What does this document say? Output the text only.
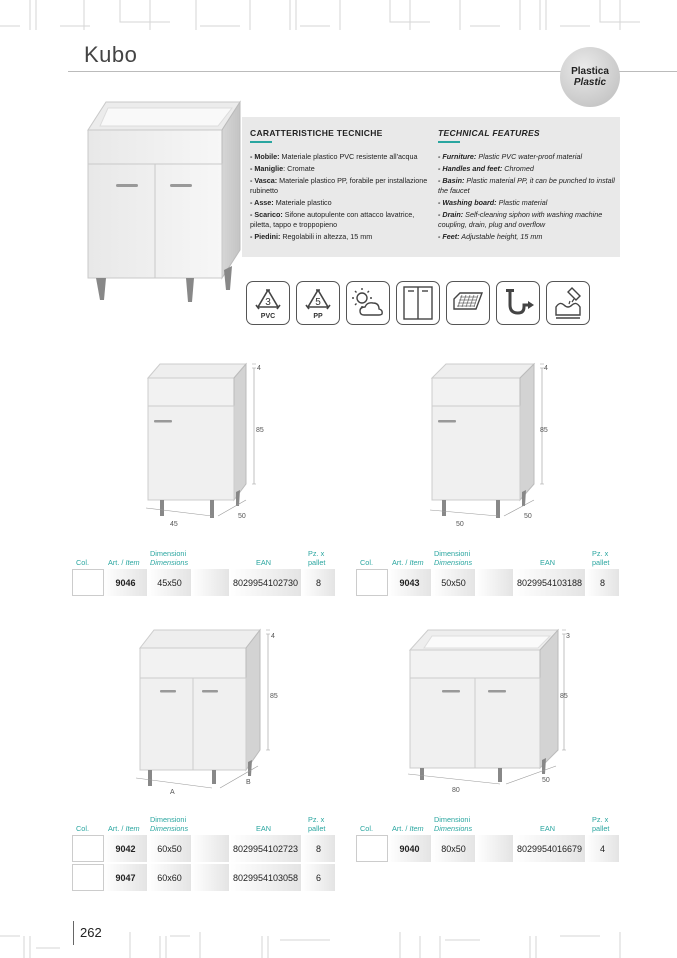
Kubo
Plastica
Plastic
CARATTERISTICHE TECNICHE
- Mobile: Materiale plastico PVC resistente all'acqua
- Maniglie: Cromate
- Vasca: Materiale plastico PP, forabile per installazione rubinetto
- Asse: Materiale plastico
- Scarico: Sifone autopulente con attacco lavatrice, piletta, tappo e troppopieno
- Piedini: Regolabili in altezza, 15 mm
TECHNICAL FEATURES
- Furniture: Plastic PVC water-proof material
- Handles and feet: Chromed
- Basin: Plastic material PP, it can be punched to install the faucet
- Washing board: Plastic material
- Drain: Self-cleaning siphon with washing machine coupling, drain, plug and overflow
- Feet: Adjustable height, 15 mm
3
PVC
5
PP
4
85
45
50
4
85
50
50
4
85
A
B
3
85
80
50
Col.	Art. / Item
Dimensioni
Dimensions	EAN
Pz. x
pallet
9046	45x50	8029954102730	8
Col.	Art. / Item
Dimensioni
Dimensions	EAN
Pz. x
pallet
9043	50x50	8029954103188	8
Col.	Art. / Item
Dimensioni
Dimensions	EAN
Pz. x
pallet
9042	60x50	8029954102723	8
9047	60x60	8029954103058	6
Col.	Art. / Item
Dimensioni
Dimensions	EAN
Pz. x
pallet
9040	80x50	8029954016679	4
262
